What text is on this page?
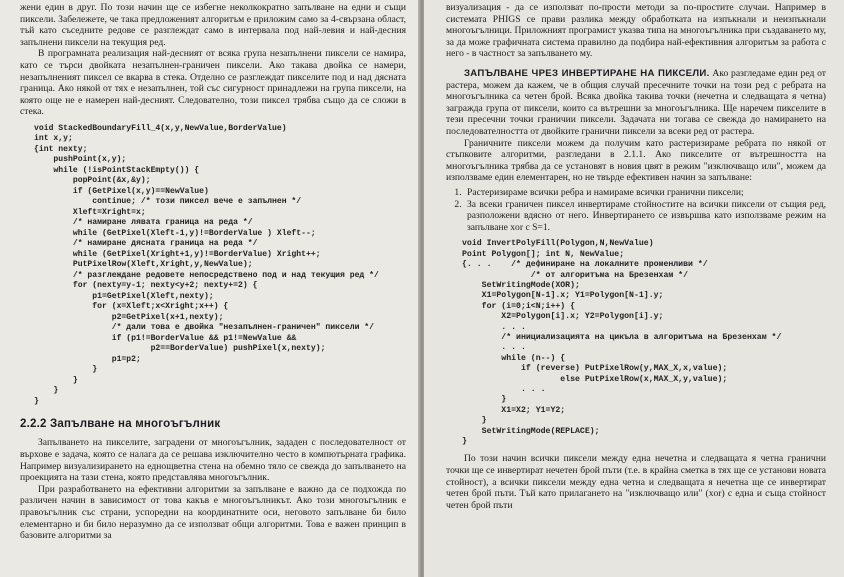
жени един в друг. По този начин ще се избегне неколкократно запълване на едни и същи пиксели. Забележете, че така предложеният алгоритъм е приложим само за 4-свързана област, тъй като съседните редове се разглеждат само в интервала под най-левия и най-десния запълнени пиксели на текущия ред.

В програмната реализация най-десният от всяка група незапълнени пиксели се намира, като се търси двойката незапълнен-граничен пиксели. Ако такава двойка се намери, незапълненият пиксел се вкарва в стека. Отделно се разглеждат пикселите под и над дясната граница. Ако някой от тях е незапълнен, той със сигурност принадлежи на група пиксели, на която още не е намерен най-десният. Следователно, този пиксел трябва също да се сложи в стека.

void StackedBoundaryFill_4(x,y,NewValue,BorderValue)
int x,y;
{int nexty;
pushPoint(x,y);
while (!isPointStackEmpty()) {
popPoint(&x,&y);
if (GetPixel(x,y)==NewValue)
continue; /* този пиксел вече е запълнен */
Xleft=Xright=x;
/* намиране лявата граница на реда */
while (GetPixel(Xleft-1,y)!=BorderValue ) Xleft--;
/* намиране дясната граница на реда */
while (GetPixel(Xright+1,y)!=BorderValue) Xright++;
PutPixelRow(Xleft,Xright,y,NewValue);
/* разглеждане редовете непосредствено под и над текущия ред */
for (nexty=y-1; nexty<y+2; nexty+=2) {
p1=GetPixel(Xleft,nexty);
for (x=Xleft;x<Xright;x++) {
p2=GetPixel(x+1,nexty);
/* дали това е двойка "незапълнен-граничен" пиксели */
if (p1!=BorderValue && p1!=NewValue &&
p2==BorderValue) pushPixel(x,nexty);
p1=p2;
}
}
}
}
2.2.2 Запълване на многоъгълник

Запълването на пикселите, заградени от многоъгълник, зададен с последователност от върхове е задача, която се налага да се решава изключително често в компютърната графика. Например визуализирането на еднощветна стена на обемно тяло се свежда до запълването на проекцията на тази стена, която представлява многоъгълник.

При разработването на ефективни алгоритми за запълване е важно да се подхожда по различен начин в зависимост от това какъв е многоъгълникът. Ако този многоъгълник е правоъгълник със страни, успоредни на координатните оси, неговото запълване би било елементарно и би било неразумно да се използват общи алгоритми. Това е важен принцип в базовите алгоритми за

визуализация - да се използват по-прости методи за по-простите случаи. Например в системата PHIGS се прави разлика между обработката на изпъкнали и неизпъкнали многоъгълници. Приложният програмист указва типа на многоъгълника при създаването му, за да може графичната система правилно да подбира най-ефективния алгоритъм за работа с него - в частност за запълването му.

ЗАПЪЛВАНЕ ЧРЕЗ ИНВЕРТИРАНЕ НА ПИКСЕЛИ. Ако разгледаме един ред от растера, можем да кажем, че в общия случай пресечните точки на този ред с ребрата на многоъгълника са четен брой. Всяка двойка такива точки (нечетна и следващата я четна) загражда група от пиксели, които са вътрешни за многоъгълника. Ще наречем пикселите в тези пресечни точки граничии пиксели. Задачата ни тогава се свежда до намирането на последователността от двойките гранични пиксели за всеки ред от растера.

Граничните пиксели можем да получим като растеризираме ребрата по някой от стъпковите алгоритми, разгледани в 2.1.1. Ако пикселите от вътрешността на многоъгълника трябва да се установят в новия цвят в режим "изключващо или", можем да използваме един елементарен, но не твърде ефективен начин за запълване:

1. Растеризираме всички ребра и намираме всички гранични пиксели;
2. За всеки граничен пиксел инвертираме стойностите на всички пиксели от същия ред, разположени вдясно от него. Инвертирането се извършва като използваме режим на запълване xor с S=1.
void InvertPolyFill(Polygon,N,NewValue)
Point Polygon[]; int N, NewValue;
{. . .    /* дефиниране на локалните променливи */
/* от алгоритъма на Брезенхам */
SetWritingMode(XOR);
X1=Polygon[N-1].x; Y1=Polygon[N-1].y;
for (i=0;i<N;i++) {
X2=Polygon[i].x; Y2=Polygon[i].y;
. . .
/* инициализацията на цикъла в алгоритъма на Брезенхам */
. . .
while (n--) {
if (reverse) PutPixelRow(y,MAX_X,x,value);
else PutPixelRow(x,MAX_X,y,value);
. . .
}
X1=X2; Y1=Y2;
}
SetWritingMode(REPLACE);
}

По този начин всички пиксели между една нечетна и следващата я четна гранични точки ще се инвертират нечетен брой пъти (т.е. в крайна сметка в тях ще се установи новата стойност), а всички пиксели между една четна и следващата я нечетна ще се инвертират четен брой пъти. Тъй като прилагането на "изключващо или" (xor) с една и съща стойност четен брой пъти
